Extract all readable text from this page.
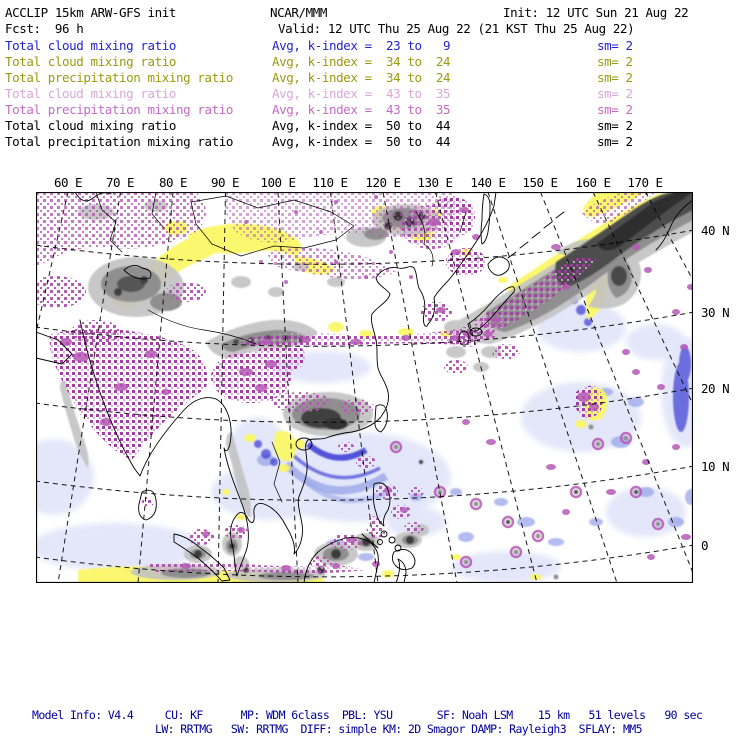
ACCLIP 15km ARW-GFS init	NCAR/MMM	Init: 12 UTC Sun 21 Aug 22
Fcst:  96 h	Valid: 12 UTC Thu 25 Aug 22 (21 KST Thu 25 Aug 22)
Total cloud mixing ratio	Avg, k-index =  23 to   9	sm= 2
Total cloud mixing ratio	Avg, k-index =  34 to  24	sm= 2
Total precipitation mixing ratio	Avg, k-index =  34 to  24	sm= 2
Total cloud mixing ratio	Avg, k-index =  43 to  35	sm= 2
Total precipitation mixing ratio	Avg, k-index =  43 to  35	sm= 2
Total cloud mixing ratio	Avg, k-index =  50 to  44	sm= 2
Total precipitation mixing ratio	Avg, k-index =  50 to  44	sm= 2
60 E 70 E 80 E 90 E 100 E 110 E 120 E 130 E 140 E 150 E 160 E 170 E
40 N
30 N
20 N
10 N
0
Model Info: V4.4     CU: KF      MP: WDM 6class  PBL: YSU       SF: Noah LSM    15 km   51 levels   90 sec
LW: RRTMG   SW: RRTMG  DIFF: simple KM: 2D Smagor DAMP: Rayleigh3  SFLAY: MM5
